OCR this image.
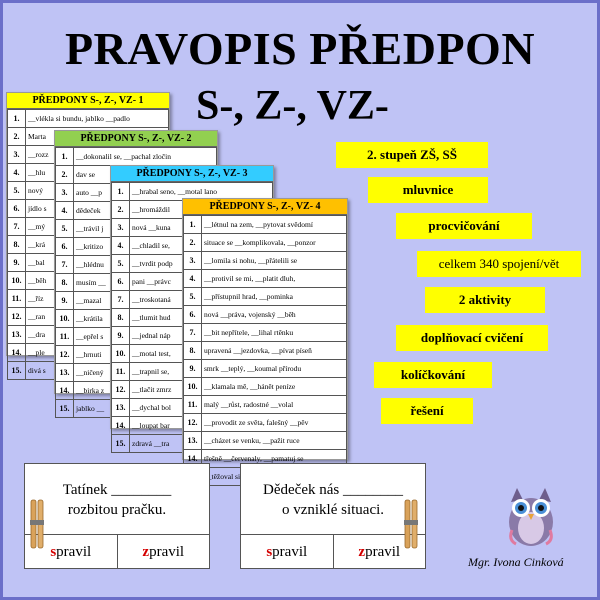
PRAVOPIS PŘEDPON
S-, Z-, VZ-
PŘEDPONY S-, Z-, VZ- 1
1.	__vlékla si bundu, jablko __padlo
2.	Marta
3.	__rozz
4.	__hlu
5.	nový
6.	jídlo s
7.	__mý
8.	__krá
9.	__bal
10.	__běh
11.	__říz
12.	__ran
13.	__dra
14.	__ple
15.	divá s
PŘEDPONY S-, Z-, VZ- 2
1.	__dokonalil se, __pachal zločin
2.	dav se
3.	auto __p
4.	dědeček
5.	__trávil j
6.	__kritizo
7.	__hlédnu
8.	musím __
9.	__mazal
10.	__krátila
11.	__epřel s
12.	__hrnuti
13.	__ničený
14.	__birka z
15.	jablko __
PŘEDPONY S-, Z-, VZ- 3
1.	__hrabal seno, __motal lano
2.	__hromáždil
3.	nová __kuna
4.	__chladil se,
5.	__tvrdit podp
6.	pani __právc
7.	__troskotaná
8.	__tlumit hud
9.	__jednal náp
10.	__motal test,
11.	__trapnil se,
12.	__tlačit zmrz
13.	__dychal bol
14.	__loupat bar
15.	zdravá __tra
PŘEDPONY S-, Z-, VZ- 4
1.	__létnul na zem, __pytovat svědomí
2.	situace se __komplikovala, __ponzor
3.	__lomila si nohu, __přátelili se
4.	__protivil se mi, __platit dluh,
5.	__přístupnil hrad, __pominka
6.	nová __práva, vojenský __běh
7.	__bit nepřítele, __lihal rtěnku
8.	upravená __jezdovka, __pívat píseň
9.	smrk __teplý, __koumal přírodu
10.	__klamala mě, __hánět peníze
11.	malý __růst, radostné __volal
12.	__provodit ze světa, falešný __pěv
13.	__cházet se venku, __pažit ruce
14.	třešně __červenaly, __pamatuj se
	__těžoval si
2. stupeň ZŠ, SŠ
mluvnice
procvičování
celkem 340 spojení/vět
2 aktivity
doplňovací cvičení
kolíčkování
řešení
Tatínek ________
rozbitou pračku.
spravil	zpravil
Dědeček nás ________
o vzniklé situaci.
spravil	zpravil
Mgr. Ivona Cinková
